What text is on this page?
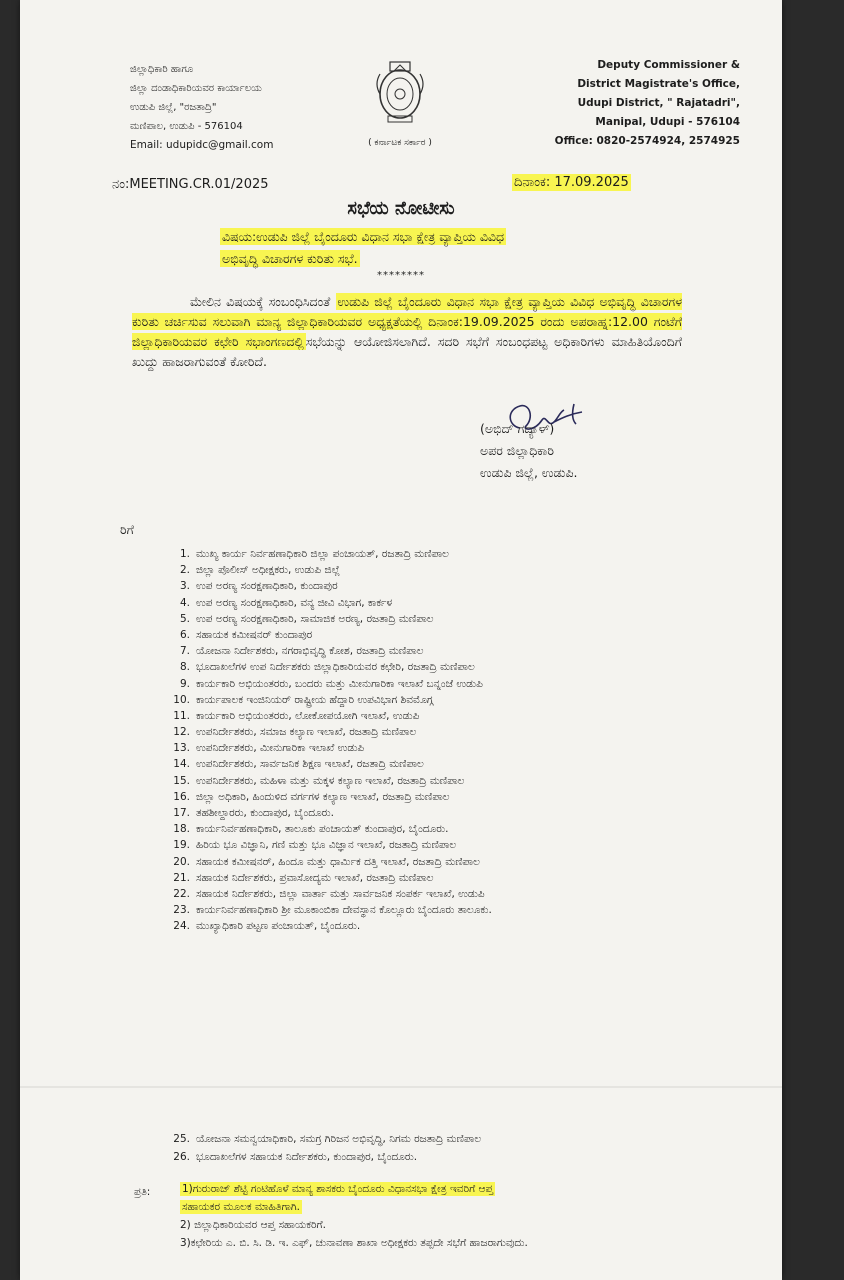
ಜಿಲ್ಲಾಧಿಕಾರಿ ಹಾಗೂ
ಜಿಲ್ಲಾ ದಂಡಾಧಿಕಾರಿಯವರ ಕಾರ್ಯಾಲಯ
ಉಡುಪಿ ಜಿಲ್ಲೆ, "ರಜತಾದ್ರಿ"
ಮಣಿಪಾಲ, ಉಡುಪಿ - 576104
Email: udupidc@gmail.com	( ಕರ್ನಾಟಕ ಸರ್ಕಾರ )
Deputy Commissioner &
District Magistrate's Office,
Udupi District, " Rajatadri",
Manipal, Udupi - 576104
Office: 0820-2574924, 2574925
ನಂ:MEETING.CR.01/2025	ದಿನಾಂಕ: 17.09.2025
ಸಭೆಯ ನೋಟೀಸು
ವಿಷಯ:ಉಡುಪಿ ಜಿಲ್ಲೆ ಬೈಂದೂರು ವಿಧಾನ ಸಭಾ ಕ್ಷೇತ್ರ ವ್ಯಾಪ್ತಿಯ ವಿವಿಧ
ಅಭಿವೃದ್ಧಿ ವಿಚಾರಗಳ ಕುರಿತು ಸಭೆ.
********
ಮೇಲಿನ ವಿಷಯಕ್ಕೆ ಸಂಬಂಧಿಸಿದಂತೆ ಉಡುಪಿ ಜಿಲ್ಲೆ ಬೈಂದೂರು ವಿಧಾನ ಸಭಾ ಕ್ಷೇತ್ರ ವ್ಯಾಪ್ತಿಯ ವಿವಿಧ ಅಭಿವೃದ್ಧಿ ವಿಚಾರಗಳ ಕುರಿತು ಚರ್ಚಿಸುವ ಸಲುವಾಗಿ ಮಾನ್ಯ ಜಿಲ್ಲಾಧಿಕಾರಿಯವರ ಅಧ್ಯಕ್ಷತೆಯಲ್ಲಿ ದಿನಾಂಕ:19.09.2025 ರಂದು ಅಪರಾಹ್ನ:12.00 ಗಂಟೆಗೆ ಜಿಲ್ಲಾಧಿಕಾರಿಯವರ ಕಛೇರಿ ಸಭಾಂಗಣದಲ್ಲಿ ಸಭೆಯನ್ನು ಆಯೋಜಿಸಲಾಗಿದೆ. ಸದರಿ ಸಭೆಗೆ ಸಂಬಂಧಪಟ್ಟ ಅಧಿಕಾರಿಗಳು ಮಾಹಿತಿಯೊಂದಿಗೆ ಖುದ್ದು ಹಾಜರಾಗುವಂತೆ ಕೋರಿದೆ.
(ಅಭಿದ್ ಗದ್ಯಾಳ್)
ಅಪರ ಜಿಲ್ಲಾಧಿಕಾರಿ
ಉಡುಪಿ ಜಿಲ್ಲೆ, ಉಡುಪಿ.
ರಿಗೆ
1. ಮುಖ್ಯ ಕಾರ್ಯ ನಿರ್ವಹಣಾಧಿಕಾರಿ ಜಿಲ್ಲಾ ಪಂಚಾಯತ್, ರಜತಾದ್ರಿ ಮಣಿಪಾಲ
2. ಜಿಲ್ಲಾ ಪೊಲೀಸ್ ಅಧೀಕ್ಷಕರು, ಉಡುಪಿ ಜಿಲ್ಲೆ
3. ಉಪ ಅರಣ್ಯ ಸಂರಕ್ಷಣಾಧಿಕಾರಿ, ಕುಂದಾಪುರ
4. ಉಪ ಅರಣ್ಯ ಸಂರಕ್ಷಣಾಧಿಕಾರಿ, ವನ್ಯ ಜೀವಿ ವಿಭಾಗ, ಕಾರ್ಕಳ
5. ಉಪ ಅರಣ್ಯ ಸಂರಕ್ಷಣಾಧಿಕಾರಿ, ಸಾಮಾಜಿಕ ಅರಣ್ಯ, ರಜತಾದ್ರಿ ಮಣಿಪಾಲ
6. ಸಹಾಯಕ ಕಮೀಷನರ್ ಕುಂದಾಪುರ
7. ಯೋಜನಾ ನಿರ್ದೇಶಕರು, ನಗರಾಭಿವೃದ್ಧಿ ಕೋಶ, ರಜತಾದ್ರಿ ಮಣಿಪಾಲ
8. ಭೂದಾಖಲೆಗಳ ಉಪ ನಿರ್ದೇಶಕರು ಜಿಲ್ಲಾಧಿಕಾರಿಯವರ ಕಛೇರಿ, ರಜತಾದ್ರಿ ಮಣಿಪಾಲ
9. ಕಾರ್ಯಕಾರಿ ಅಭಿಯಂತರರು, ಬಂದರು ಮತ್ತು ಮೀನುಗಾರಿಕಾ ಇಲಾಖೆ ಬನ್ನಂಜೆ ಉಡುಪಿ
10. ಕಾರ್ಯಪಾಲಕ ಇಂಜಿನಿಯರ್ ರಾಷ್ಟ್ರೀಯ ಹೆದ್ದಾರಿ ಉಪವಿಭಾಗ ಶಿವಮೊಗ್ಗ
11. ಕಾರ್ಯಕಾರಿ ಅಭಿಯಂತರರು, ಲೋಕೋಪಯೋಗಿ ಇಲಾಖೆ, ಉಡುಪಿ
12. ಉಪನಿರ್ದೇಶಕರು, ಸಮಾಜ ಕಲ್ಯಾಣ ಇಲಾಖೆ, ರಜತಾದ್ರಿ ಮಣಿಪಾಲ
13. ಉಪನಿರ್ದೇಶಕರು, ಮೀನುಗಾರಿಕಾ ಇಲಾಖೆ ಉಡುಪಿ
14. ಉಪನಿರ್ದೇಶಕರು, ಸಾರ್ವಜನಿಕ ಶಿಕ್ಷಣ ಇಲಾಖೆ, ರಜತಾದ್ರಿ ಮಣಿಪಾಲ
15. ಉಪನಿರ್ದೇಶಕರು, ಮಹಿಳಾ ಮತ್ತು ಮಕ್ಕಳ ಕಲ್ಯಾಣ ಇಲಾಖೆ, ರಜತಾದ್ರಿ ಮಣಿಪಾಲ
16. ಜಿಲ್ಲಾ ಅಧಿಕಾರಿ, ಹಿಂದುಳಿದ ವರ್ಗಗಳ ಕಲ್ಯಾಣ ಇಲಾಖೆ, ರಜತಾದ್ರಿ ಮಣಿಪಾಲ
17. ತಹಶೀಲ್ದಾರರು, ಕುಂದಾಪುರ, ಬೈಂದೂರು.
18. ಕಾರ್ಯನಿರ್ವಹಣಾಧಿಕಾರಿ, ತಾಲೂಕು ಪಂಚಾಯತ್ ಕುಂದಾಪುರ, ಬೈಂದೂರು.
19. ಹಿರಿಯ ಭೂ ವಿಜ್ಞಾನಿ, ಗಣಿ ಮತ್ತು ಭೂ ವಿಜ್ಞಾನ ಇಲಾಖೆ, ರಜತಾದ್ರಿ ಮಣಿಪಾಲ
20. ಸಹಾಯಕ ಕಮೀಷನರ್, ಹಿಂದೂ ಮತ್ತು ಧಾರ್ಮಿಕ ದತ್ತಿ ಇಲಾಖೆ, ರಜತಾದ್ರಿ ಮಣಿಪಾಲ
21. ಸಹಾಯಕ ನಿರ್ದೇಶಕರು, ಪ್ರವಾಸೋದ್ಯಮ ಇಲಾಖೆ, ರಜತಾದ್ರಿ ಮಣಿಪಾಲ
22. ಸಹಾಯಕ ನಿರ್ದೇಶಕರು, ಜಿಲ್ಲಾ ವಾರ್ತಾ ಮತ್ತು ಸಾರ್ವಜನಿಕ ಸಂಪರ್ಕ ಇಲಾಖೆ, ಉಡುಪಿ
23. ಕಾರ್ಯನಿರ್ವಹಣಾಧಿಕಾರಿ ಶ್ರೀ ಮೂಕಾಂಬಿಕಾ ದೇವಸ್ಥಾನ ಕೊಲ್ಲೂರು ಬೈಂದೂರು ತಾಲೂಕು.
24. ಮುಖ್ಯಾಧಿಕಾರಿ ಪಟ್ಟಣ ಪಂಚಾಯತ್, ಬೈಂದೂರು.
25. ಯೋಜನಾ ಸಮನ್ವಯಾಧಿಕಾರಿ, ಸಮಗ್ರ ಗಿರಿಜನ ಅಭಿವೃದ್ಧಿ, ನಿಗಮ ರಜತಾದ್ರಿ ಮಣಿಪಾಲ
26. ಭೂದಾಖಲೆಗಳ ಸಹಾಯಕ ನಿರ್ದೇಶಕರು, ಕುಂದಾಪುರ, ಬೈಂದೂರು.
ಪ್ರತಿ:	1)ಗುರುರಾಜ್ ಶೆಟ್ಟಿ ಗಂಟಿಹೊಳೆ ಮಾನ್ಯ ಶಾಸಕರು ಬೈಂದೂರು ವಿಧಾನಸಭಾ ಕ್ಷೇತ್ರ ಇವರಿಗೆ ಆಪ್ತ
ಸಹಾಯಕರ ಮೂಲಕ ಮಾಹಿತಿಗಾಗಿ.
2) ಜಿಲ್ಲಾಧಿಕಾರಿಯವರ ಆಪ್ತ ಸಹಾಯಕರಿಗೆ.
3)ಕಛೇರಿಯ ಎ. ಬಿ. ಸಿ. ಡಿ. ಇ. ಎಫ್, ಚುನಾವಣಾ ಶಾಖಾ ಅಧೀಕ್ಷಕರು ತಪ್ಪದೇ ಸಭೆಗೆ ಹಾಜರಾಗುವುದು.
